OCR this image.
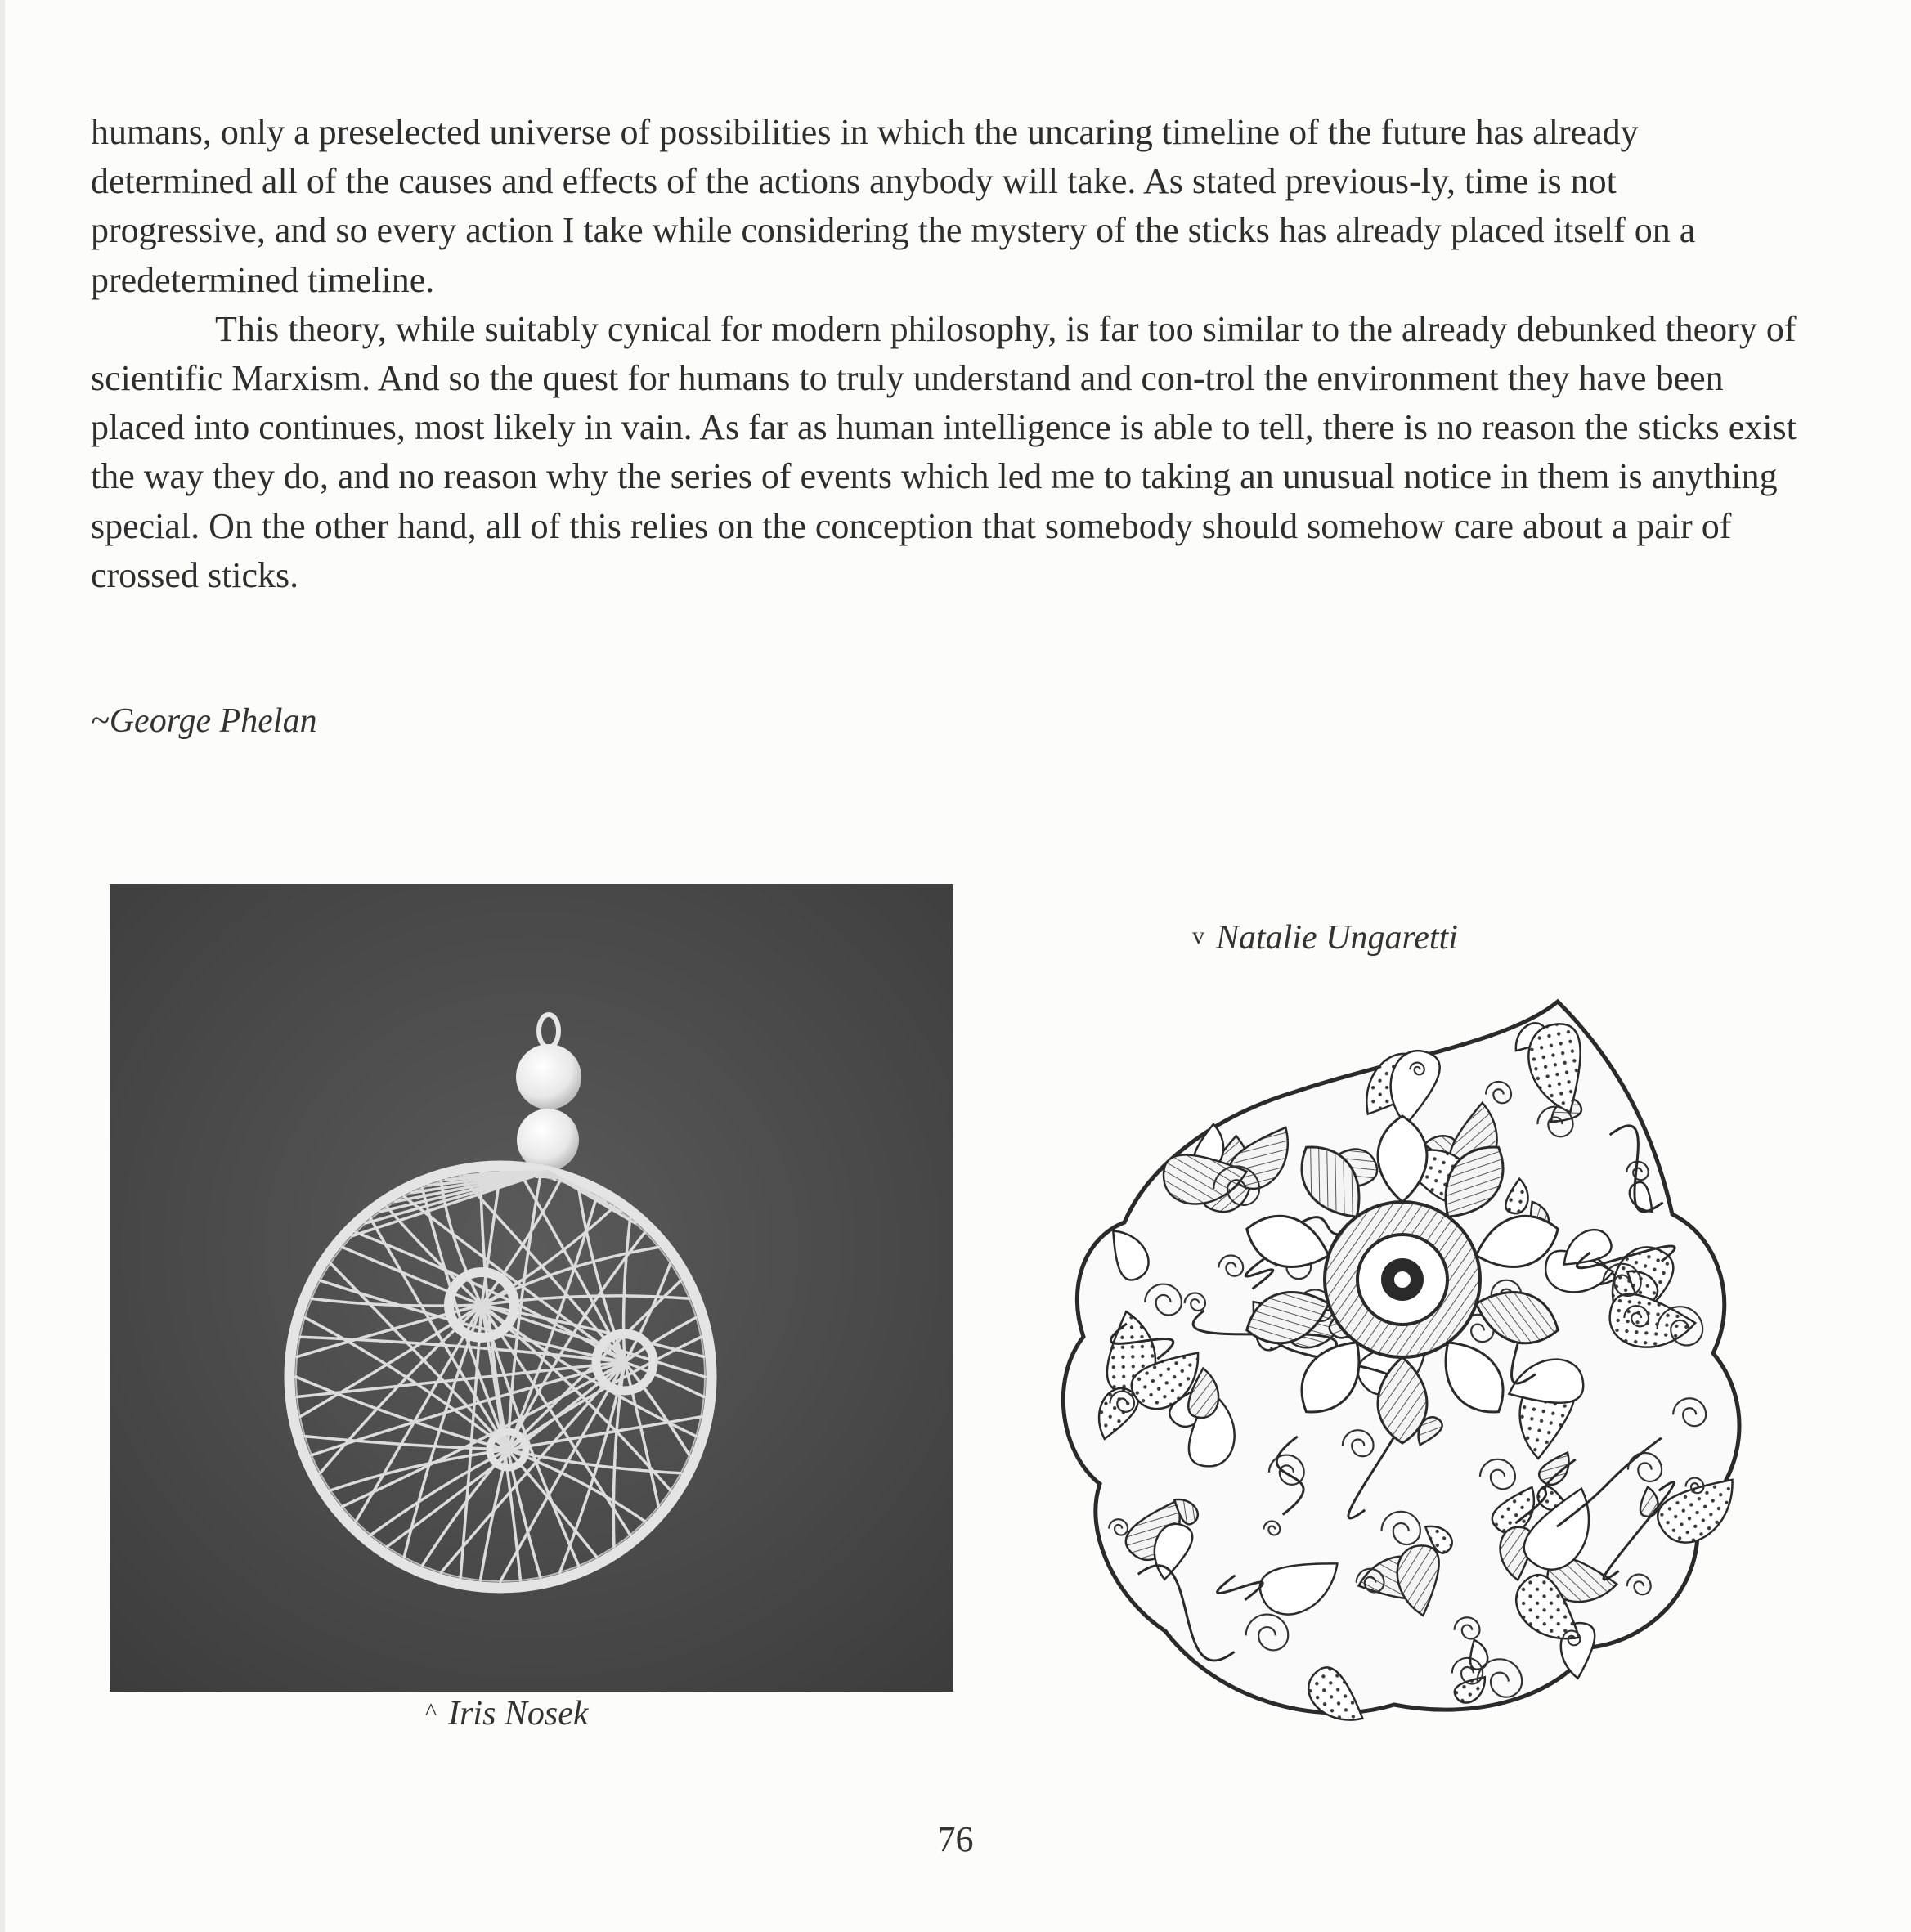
humans, only a preselected universe of possibilities in which the uncaring timeline of the future has already determined all of the causes and effects of the actions anybody will take. As stated previous-ly, time is not progressive, and so every action I take while considering the mystery of the sticks has already placed itself on a predetermined timeline.

This theory, while suitably cynical for modern philosophy, is far too similar to the already debunked theory of scientific Marxism. And so the quest for humans to truly understand and con-trol the environment they have been placed into continues, most likely in vain. As far as human intelligence is able to tell, there is no reason the sticks exist the way they do, and no reason why the series of events which led me to taking an unusual notice in them is anything special. On the other hand, all of this relies on the conception that somebody should somehow care about a pair of crossed sticks.

~George Phelan
^ Iris Nosek
v Natalie Ungaretti
76
